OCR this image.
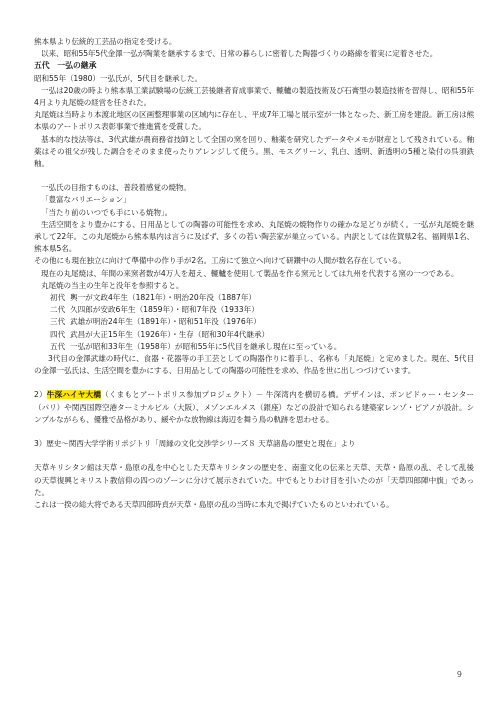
熊本県より伝統的工芸品の指定を受ける。

以来、昭和55年5代金澤一弘が陶業を継承するまで、日常の暮らしに密着した陶器づくりの路線を着実に定着させた。

五代　一弘の継承

昭和55年（1980）一弘氏が、5代目を継承した。

一弘は20歳の時より熊本県工業試験場の伝統工芸後継者育成事業で、轆轤の製造技術及び石膏型の製造技術を習得し、昭和55年4月より丸尾焼の経営を任された。

丸尾焼は当時より本渡北地区の区画整理事業の区域内に存在し、平成7年工場と展示室が一体となった、新工房を建設。新工房は熊本県のアートポリス表彰事業で推進賞を受賞した。

基本的な技法等は、3代武雄が農商務省技師として全国の窯を回り、釉薬を研究したデータやメモが財産として残されている。釉薬はその祖父が残した調合をそのまま使ったりアレンジして使う。黒、モスグリーン、乳白、透明、新透明の5種と染付の呉須鉄釉。

一弘氏の目指すものは、普段着感覚の焼物。

「豊富なバリエーション」

「当たり前のいつでも手にいる焼物」。

生活空間をより豊かにする、日用品としての陶器の可能性を求め、丸尾焼の焼物作りの確かな足どりが続く。一弘が丸尾焼を継承して22年。この丸尾焼から熊本県内は言うに及ばず、多くの若い陶芸家が巣立っている。内訳としては佐賀県2名、福岡県1名、熊本県5名。

その他にも現在独立に向けて準備中の作り手が2名。工房にて独立へ向けて研鑽中の人間が数名存在している。

現在の丸尾焼は、年間の来窯者数が4万人を超え、轆轤を使用して製品を作る窯元としては九州を代表する窯の一つである。

丸尾焼の当主の生年と没年を参照すると。

初代 輿一が文政4年生（1821年）・明治20年没（1887年）
二代 久四郎が安政6年生（1859年）・昭和7年没（1933年）
三代 武雄が明治24年生（1891年）・昭和51年没（1976年）
四代 武昌が大正15年生（1926年）・生存（昭和30年4代継承）
五代 一弘が昭和33年生（1958年）が昭和55年に5代目を継承し現在に至っている。

3代目の金澤武雄の時代に、食器・花器等の手工芸としての陶器作りに着手し、名称も「丸尾焼」と定めました。現在、5代目の金澤一弘氏は、生活空間を豊かにする、日用品としての陶器の可能性を求め、作品を世に出しつづけています。

2）牛深ハイヤ大橋（くまもとアートポリス参加プロジェクト）－ 牛深湾内を横切る橋。デザインは、ポンピドゥー・センター（パリ）や関西国際空港ターミナルビル（大阪）、メゾンエルメス（銀座）などの設計で知られる建築家レンゾ・ピアノが設計。シンプルながらも、優雅で品格があり、緩やかな放物線は海辺を舞う鳥の軌跡を思わせる。

3）歴史～関西大学学術リポジトリ「周縁の文化交渉学シリーズ８ 天草諸島の歴史と現在」より

天草キリシタン館は天草・島原の乱を中心とした天草キリシタンの歴史を、南蛮文化の伝来と天草、天草・島原の乱、そして乱後の天草復興とキリスト教信仰の四つのゾーンに分けて展示されていた。中でもとりわけ目を引いたのが「天草四郎陣中旗」であった。

これは一揆の総大将である天草四郎時貞が天草・島原の乱の当時に本丸で掲げていたものといわれている。

9
